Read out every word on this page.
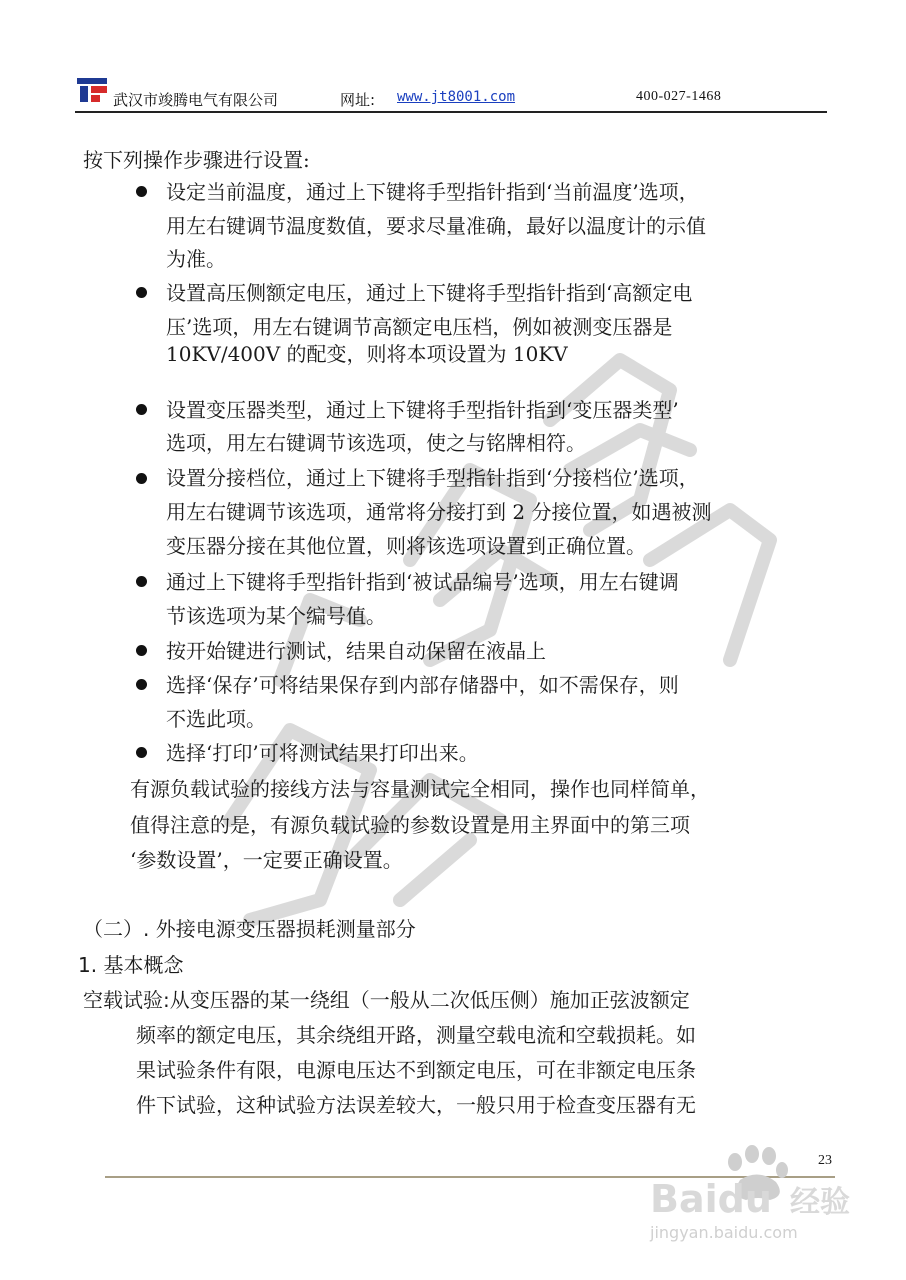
武汉市竣腾电气有限公司	网址: www.jt8001.com	400-027-1468
按下列操作步骤进行设置:
设定当前温度，通过上下键将手型指针指到‘当前温度’选项，
用左右键调节温度数值，要求尽量准确，最好以温度计的示值
为准。
设置高压侧额定电压，通过上下键将手型指针指到‘高额定电
压’选项，用左右键调节高额定电压档，例如被测变压器是
10KV/400V 的配变，则将本项设置为 10KV
设置变压器类型，通过上下键将手型指针指到‘变压器类型’
选项，用左右键调节该选项，使之与铭牌相符。
设置分接档位，通过上下键将手型指针指到‘分接档位’选项，
用左右键调节该选项，通常将分接打到 2 分接位置，如遇被测
变压器分接在其他位置，则将该选项设置到正确位置。
通过上下键将手型指针指到‘被试品编号’选项，用左右键调
节该选项为某个编号值。
按开始键进行测试，结果自动保留在液晶上
选择‘保存’可将结果保存到内部存储器中，如不需保存，则
不选此项。
选择‘打印’可将测试结果打印出来。
有源负载试验的接线方法与容量测试完全相同，操作也同样简单，
值得注意的是，有源负载试验的参数设置是用主界面中的第三项
‘参数设置’，一定要正确设置。
（二）. 外接电源变压器损耗测量部分
1. 基本概念
空载试验:从变压器的某一绕组（一般从二次低压侧）施加正弦波额定
频率的额定电压，其余绕组开路，测量空载电流和空载损耗。如
果试验条件有限，电源电压达不到额定电压，可在非额定电压条
件下试验，这种试验方法误差较大，一般只用于检查变压器有无
23
Baidu 经验
jingyan.baidu.com
